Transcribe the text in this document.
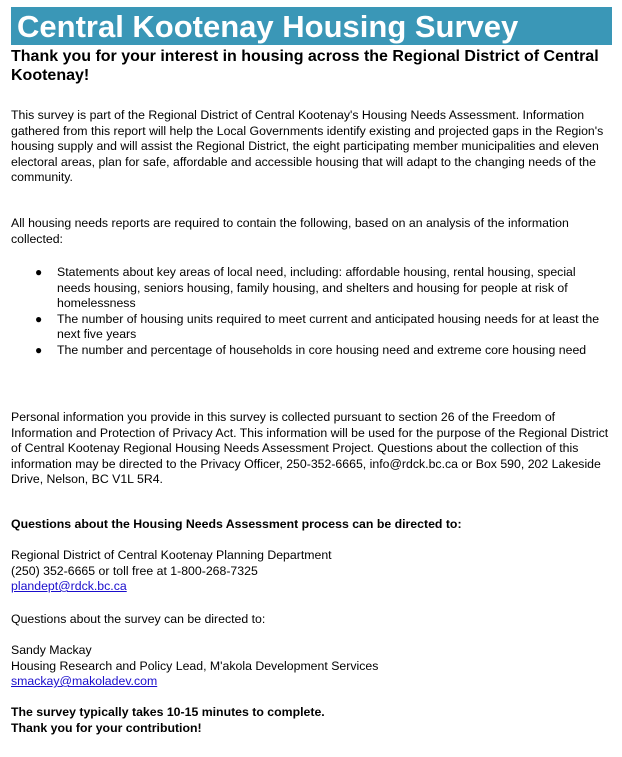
Central Kootenay Housing Survey

Thank you for your interest in housing across the Regional District of Central Kootenay!

This survey is part of the Regional District of Central Kootenay's Housing Needs Assessment. Information gathered from this report will help the Local Governments identify existing and projected gaps in the Region's housing supply and will assist the Regional District, the eight participating member municipalities and eleven electoral areas, plan for safe, affordable and accessible housing that will adapt to the changing needs of the community.

All housing needs reports are required to contain the following, based on an analysis of the information collected:

● Statements about key areas of local need, including: affordable housing, rental housing, special needs housing, seniors housing, family housing, and shelters and housing for people at risk of homelessness
● The number of housing units required to meet current and anticipated housing needs for at least the next five years
● The number and percentage of households in core housing need and extreme core housing need

Personal information you provide in this survey is collected pursuant to section 26 of the Freedom of Information and Protection of Privacy Act. This information will be used for the purpose of the Regional District of Central Kootenay Regional Housing Needs Assessment Project. Questions about the collection of this information may be directed to the Privacy Officer, 250-352-6665, info@rdck.bc.ca or Box 590, 202 Lakeside Drive, Nelson, BC V1L 5R4.

Questions about the Housing Needs Assessment process can be directed to:

Regional District of Central Kootenay Planning Department
(250) 352-6665 or toll free at 1-800-268-7325
plandept@rdck.bc.ca

Questions about the survey can be directed to:

Sandy Mackay
Housing Research and Policy Lead, M'akola Development Services
smackay@makoladev.com
The survey typically takes 10-15 minutes to complete.
Thank you for your contribution!
